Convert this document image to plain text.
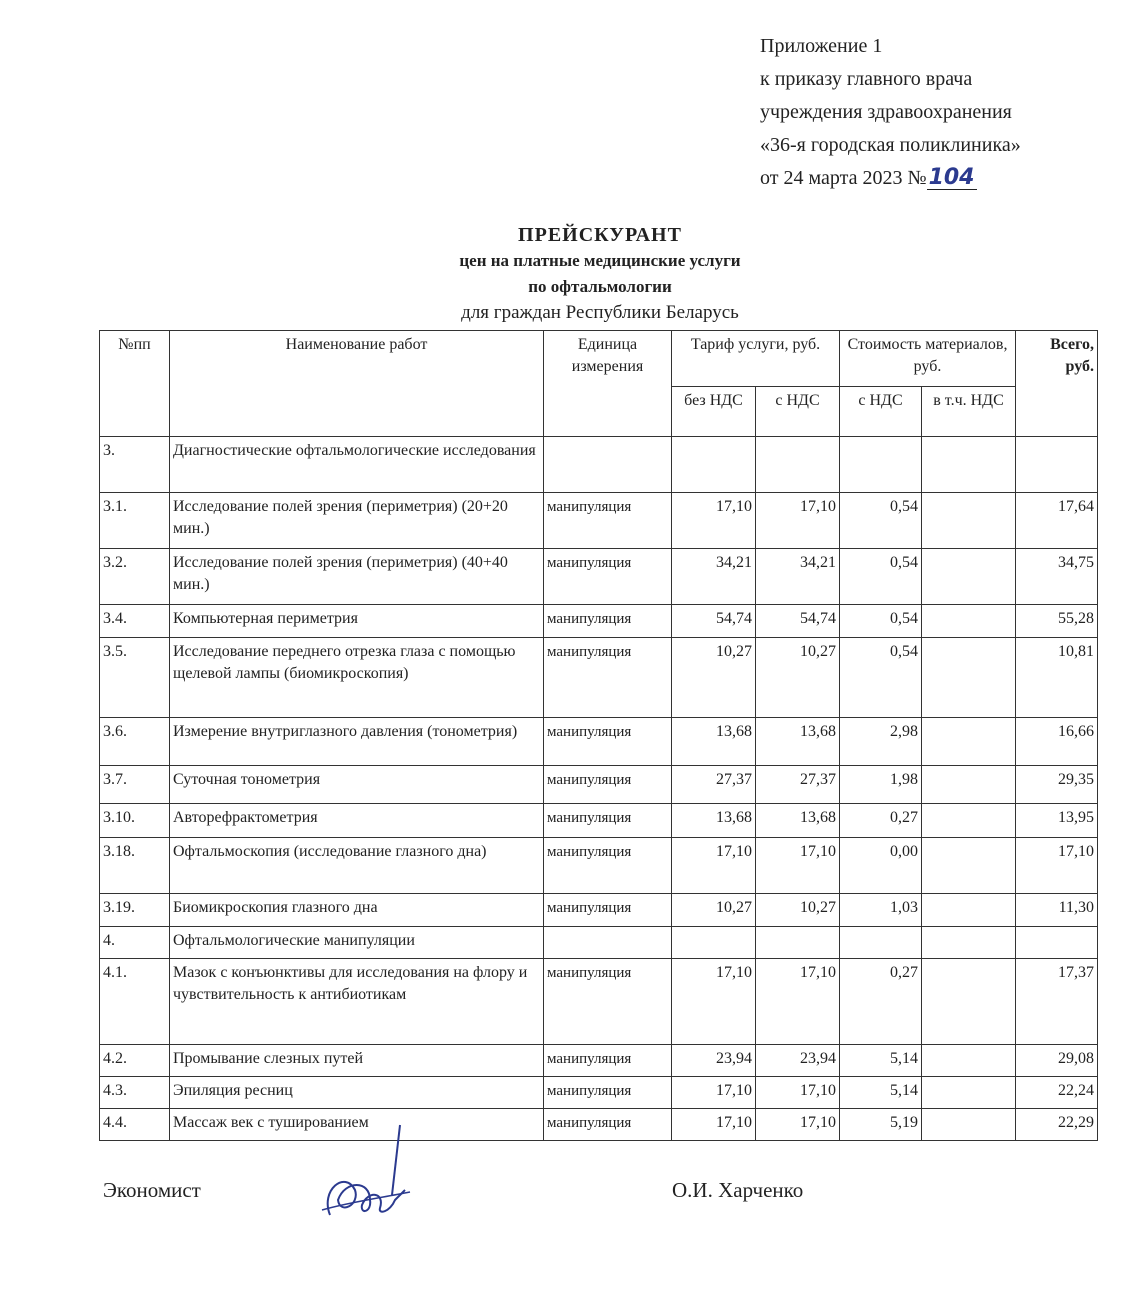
Приложение 1
к приказу главного врача
учреждения здравоохранения
«36-я городская поликлиника»
от 24 марта 2023 №104
ПРЕЙСКУРАНТ
цен на платные медицинские услуги
по офтальмологии
для граждан Республики Беларусь
№пп	Наименование работ	Единица измерения	Тариф услуги, руб.		Стоимость материалов, руб.		Всего, руб.
			без НДС	с НДС	с НДС	в т.ч. НДС	
3.	Диагностические офтальмологические исследования						
3.1.	Исследование полей зрения (периметрия) (20+20 мин.)	манипуляция	17,10	17,10	0,54		17,64
3.2.	Исследование полей зрения (периметрия) (40+40 мин.)	манипуляция	34,21	34,21	0,54		34,75
3.4.	Компьютерная периметрия	манипуляция	54,74	54,74	0,54		55,28
3.5.	Исследование переднего отрезка глаза с помощью щелевой лампы (биомикроскопия)	манипуляция	10,27	10,27	0,54		10,81
3.6.	Измерение внутриглазного давления (тонометрия)	манипуляция	13,68	13,68	2,98		16,66
3.7.	Суточная тонометрия	манипуляция	27,37	27,37	1,98		29,35
3.10.	Авторефрактометрия	манипуляция	13,68	13,68	0,27		13,95
3.18.	Офтальмоскопия (исследование глазного дна)	манипуляция	17,10	17,10	0,00		17,10
3.19.	Биомикроскопия глазного дна	манипуляция	10,27	10,27	1,03		11,30
4.	Офтальмологические манипуляции						
4.1.	Мазок с конъюнктивы для исследования на флору и чувствительность к антибиотикам	манипуляция	17,10	17,10	0,27		17,37
4.2.	Промывание слезных путей	манипуляция	23,94	23,94	5,14		29,08
4.3.	Эпиляция ресниц	манипуляция	17,10	17,10	5,14		22,24
4.4.	Массаж век с тушированием	манипуляция	17,10	17,10	5,19		22,29
Экономист	О.И. Харченко
